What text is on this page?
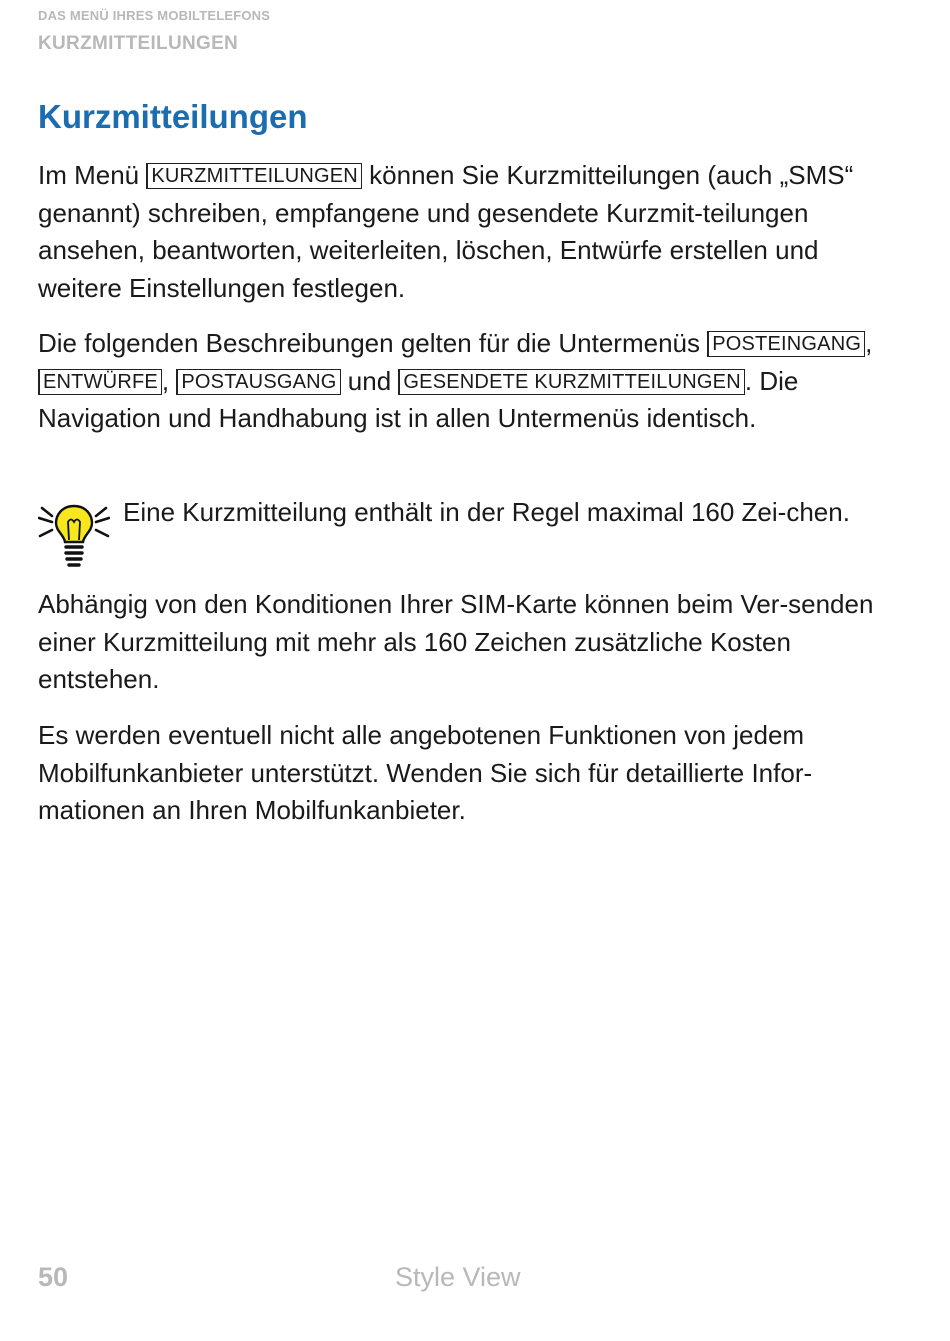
DAS MENÜ IHRES MOBILTELEFONS
KURZMITTEILUNGEN
Kurzmitteilungen

Im Menü KURZMITTEILUNGEN können Sie Kurzmitteilungen (auch „SMS“ genannt) schreiben, empfangene und gesendete Kurzmit-teilungen ansehen, beantworten, weiterleiten, löschen, Entwürfe erstellen und weitere Einstellungen festlegen.

Die folgenden Beschreibungen gelten für die Untermenüs POSTEINGANG , ENTWÜRFE , POSTAUSGANG und GESENDETE KURZMITTEILUNGEN . Die Navigation und Handhabung ist in allen Untermenüs identisch.

Eine Kurzmitteilung enthält in der Regel maximal 160 Zei-chen.

Abhängig von den Konditionen Ihrer SIM-Karte können beim Ver-senden einer Kurzmitteilung mit mehr als 160 Zeichen zusätzliche Kosten entstehen.

Es werden eventuell nicht alle angebotenen Funktionen von jedem Mobilfunkanbieter unterstützt. Wenden Sie sich für detaillierte Infor-mationen an Ihren Mobilfunkanbieter.

50	Style View
